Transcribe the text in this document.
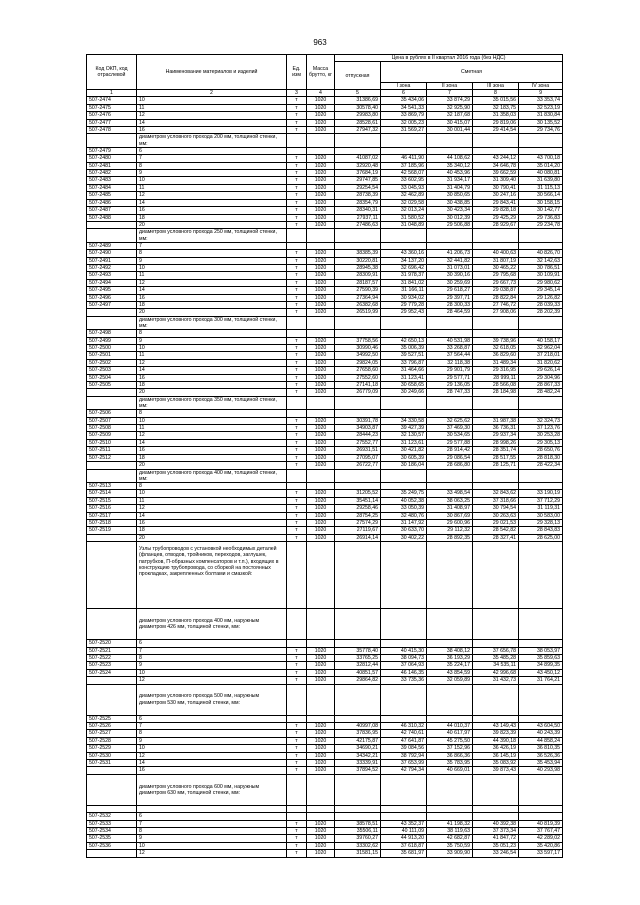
963
Код ОКП, код отраслевой	Наименование материалов и изделий	Ед. изм	Масса брутто, кг	Цена в рублях в II квартал 2016 года (без НДС)				
				отпускная	Сметная			
					I зона	II зона	III зона	IV зона
1	2	3	4	5	6	7	8	9
507-2474	10	т	1020	31386,69	35 434,06	33 874,29	35 015,56	33 353,74
507-2475	11	т	1020	30578,40	34 541,33	32 925,90	32 183,75	32 523,19
507-2476	12	т	1020	29983,80	33 869,79	32 187,68	31 358,03	31 830,84
507-2477	14	т	1020	28528,61	32 005,23	30 415,07	29 819,06	30 135,52
507-2478	16	т	1020	27947,32	31 569,27	30 001,44	29 414,54	29 734,76
	диаметром условного прохода 200 мм, толщиной стенки, мм:							
507-2479	6							
507-2480	7	т	1020	41087,02	46 411,90	44 108,62	43 244,12	43 700,18
507-2481	8	т	1020	32920,48	37 185,96	35 340,12	34 646,78	35 014,20
507-2482	9	т	1020	37684,19	42 568,07	40 453,96	39 662,59	40 080,81
507-2483	10	т	1020	29747,85	33 602,95	31 934,17	31 309,40	31 639,80
507-2484	11	т	1020	29254,54	33 045,93	31 404,79	30 790,41	31 115,13
507-2485	12	т	1020	28738,39	32 462,89	30 850,65	30 247,16	30 566,14
507-2486	14	т	1020	28354,79	32 029,58	30 438,85	29 843,41	30 158,15
507-2487	16	т	1020	28340,31	32 013,24	30 423,34	29 828,18	30 142,77
507-2488	18	т	1020	27937,11	31 580,52	30 012,39	29 425,29	29 736,83
	20	т	1020	27486,63	31 048,89	29 506,88	28 929,67	29 234,78
	диаметром условного прохода 250 мм, толщиной стенки, мм:							
507-2489	7							
507-2490	8	т	1020	38385,39	43 360,16	41 206,73	40 400,63	40 826,70
507-2491	9	т	1020	30220,81	34 137,20	32 441,82	31 807,19	32 142,63
507-2492	10	т	1020	28945,38	32 696,42	31 073,01	30 465,22	30 786,51
507-2493	11	т	1020	28309,91	31 978,37	30 390,16	29 795,68	30 109,91
507-2494	12	т	1020	28187,57	31 841,02	30 259,69	29 667,73	29 980,62
507-2495	14	т	1020	27590,39	31 166,11	29 618,27	29 038,87	29 345,14
507-2496	16	т	1020	27364,94	30 934,02	29 397,71	28 822,84	29 126,82
507-2497	18	т	1020	26382,68	29 779,28	28 300,33	27 746,72	28 039,33
	20	т	1020	26519,99	29 952,43	28 464,59	27 908,06	28 202,39
	диаметром условного прохода 300 мм, толщиной стенки, мм:							
507-2498	8							
507-2499	9	т	1020	37758,56	42 650,13	40 531,98	39 738,96	40 158,17
507-2500	10	т	1020	30990,46	35 006,39	33 268,87	32 618,05	32 962,04
507-2501	11	т	1020	34992,50	39 527,51	37 564,44	36 829,60	37 218,01
507-2502	12	т	1020	29824,05	33 796,87	32 118,38	31 489,34	31 820,62
507-2503	14	т	1020	27658,60	31 464,66	29 901,79	29 316,95	29 626,14
507-2504	16	т	1020	27552,60	31 123,41	29 577,71	28 999,11	29 304,96
507-2505	18	т	1020	27141,18	30 658,65	29 136,05	28 566,08	28 867,33
	20	т	1020	26779,09	30 249,66	28 747,33	28 184,98	28 482,24
	диаметром условного прохода 350 мм, толщиной стенки, мм:							
507-2506	8							
507-2507	10	т	1020	30391,78	34 330,58	32 625,62	31 987,38	32 324,73
507-2508	11	т	1020	34903,87	39 427,39	37 469,30	36 736,31	37 123,76
507-2509	12	т	1020	28444,23	32 130,57	30 534,65	29 937,34	30 253,28
507-2510	14	т	1020	27552,77	31 123,61	29 577,88	28 998,26	29 305,13
507-2511	16	т	1020	26931,51	30 421,82	28 914,42	28 351,74	28 650,76
507-2512	18	т	1020	27095,07	30 605,39	29 086,54	28 517,55	28 818,30
	20	т	1020	26722,77	30 186,04	28 686,80	28 125,71	28 422,34
	диаметром условного прохода 400 мм, толщиной стенки, мм:							
507-2513	8							
507-2514	10	т	1020	31205,52	35 249,75	33 498,54	32 843,62	33 190,19
507-2515	11	т	1020	35451,14	40 052,38	38 063,25	37 318,66	37 712,29
507-2516	12	т	1020	29258,46	33 050,39	31 408,97	30 794,54	31 119,31
507-2517	14	т	1020	28754,25	32 480,76	30 867,69	30 263,63	30 583,00
507-2518	16	т	1020	27574,29	31 147,92	29 600,96	29 021,53	29 328,13
507-2519	18	т	1020	27119,67	30 633,70	29 112,32	28 542,82	28 843,83
	20	т	1020	26914,14	30 402,22	28 892,35	28 327,41	28 625,00
	Узлы трубопроводов с установкой необходимых деталей (фланцев, отводов, тройников, переходов, заглушек, патрубков, П-образных компенсаторов и т.п.), входящих в конструкцию трубопровода, со сборкой на постоянных прокладках, закрепленных болтами и смазкой:							
	диаметром условного прохода 400 мм, наружным диаметром 426 мм, толщиной стенки, мм:							
507-2520	6							
507-2521	7	т	1020	35778,40	40 415,30	38 408,12	37 656,78	38 053,97
507-2522	8	т	1020	33765,25	38 094,73	36 193,29	35 485,28	35 859,63
507-2523	9	т	1020	32812,44	37 064,93	35 224,17	34 535,11	34 899,35
507-2524	10	т	1020	40851,57	46 146,35	43 854,59	42 996,68	43 450,12
	12	т	1020	29864,82	33 735,36	32 059,89	31 432,73	31 764,21
	диаметром условного прохода 500 мм, наружным диаметром 530 мм, толщиной стенки, мм:							
507-2525	6							
507-2526	7	т	1020	40997,08	46 310,32	44 010,37	43 149,43	43 604,50
507-2527	8	т	1020	37836,95	42 740,61	40 617,97	39 823,39	40 243,39
507-2528	9	т	1020	42175,87	47 641,87	45 275,50	44 390,18	44 858,24
507-2529	10	т	1020	34690,21	39 084,56	37 152,96	36 426,19	36 810,35
507-2530	12	т	1020	34342,21	38 792,94	36 866,36	36 145,19	36 526,36
507-2531	14	т	1020	33339,91	37 653,99	35 783,95	35 083,92	35 453,94
	16	т	1020	37894,52	42 794,34	40 669,01	39 873,43	40 293,98
	диаметром условного прохода 600 мм, наружным диаметром 630 мм, толщиной стенки, мм:							

507-2532	6							
507-2533	7	т	1020	38578,51	43 352,37	41 198,32	40 392,38	40 819,39
507-2534	8	т	1020	35506,11	40 111,09	38 119,63	37 373,34	37 767,47
507-2535	9	т	1020	39760,27	44 913,20	42 682,87	41 847,72	42 289,02
507-2536	10	т	1020	33302,62	37 618,87	35 750,59	35 051,23	35 420,86
	12	т	1020	31581,15	35 681,97	33 909,90	33 246,54	33 597,17
